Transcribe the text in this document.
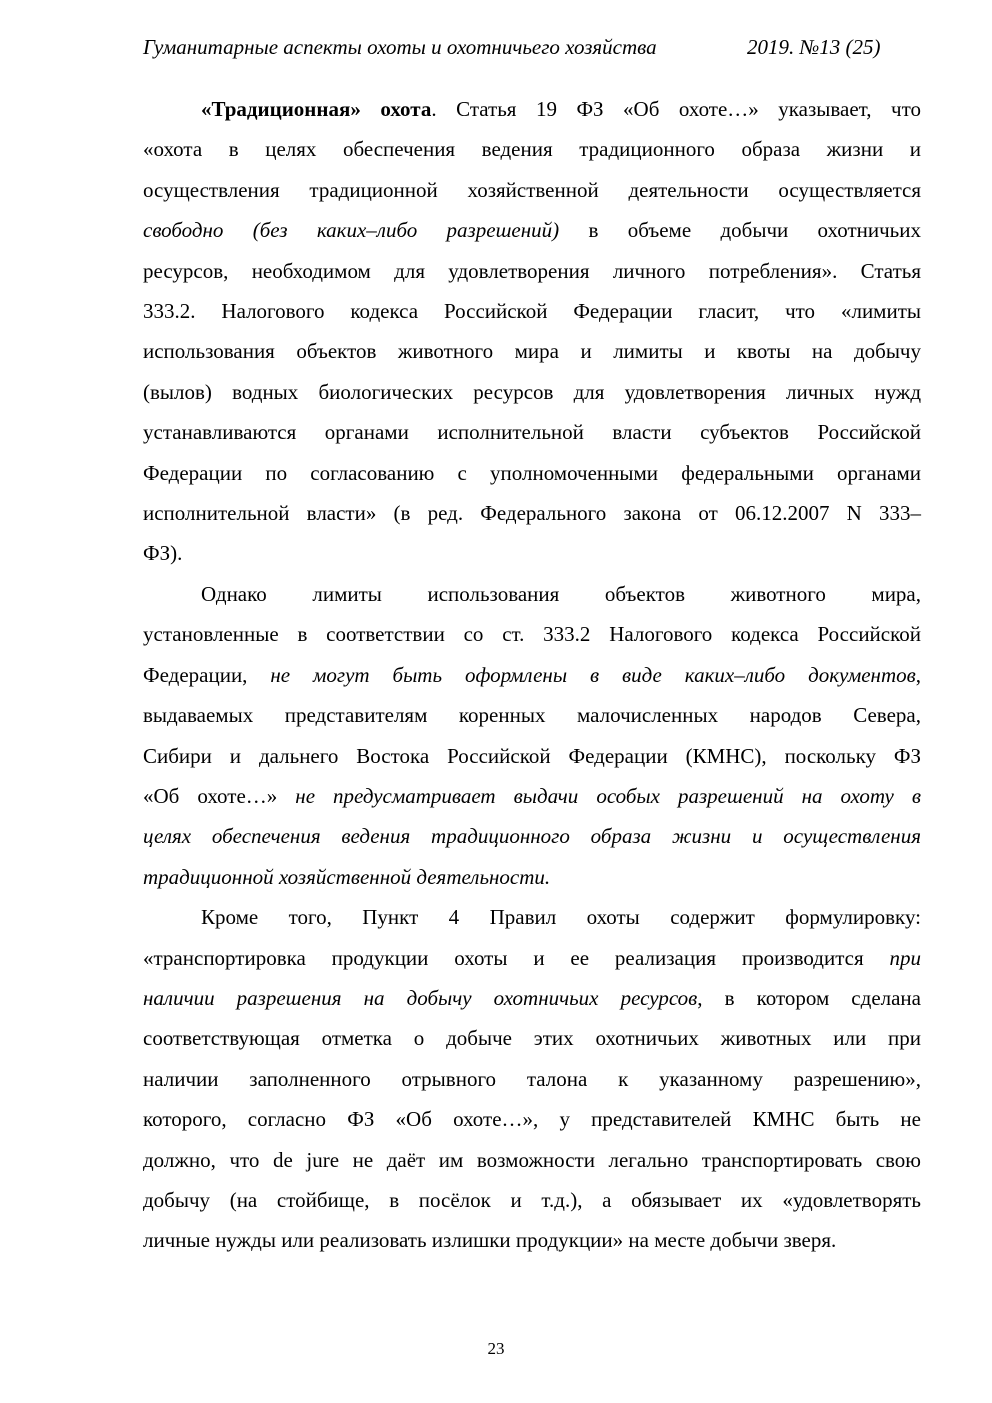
Гуманитарные аспекты охоты и охотничьего хозяйства	2019. №13 (25)
«Традиционная» охота. Статья 19 ФЗ «Об охоте…» указывает, что
«охота в целях обеспечения ведения традиционного образа жизни и
осуществления традиционной хозяйственной деятельности осуществляется
свободно (без каких–либо разрешений) в объеме добычи охотничьих
ресурсов, необходимом для удовлетворения личного потребления». Статья
333.2. Налогового кодекса Российской Федерации гласит, что «лимиты
использования объектов животного мира и лимиты и квоты на добычу
(вылов) водных биологических ресурсов для удовлетворения личных нужд
устанавливаются органами исполнительной власти субъектов Российской
Федерации по согласованию с уполномоченными федеральными органами
исполнительной власти» (в ред. Федерального закона от 06.12.2007 N 333–
ФЗ).
Однако лимиты использования объектов животного мира,
установленные в соответствии со ст. 333.2 Налогового кодекса Российской
Федерации, не могут быть оформлены в виде каких–либо документов,
выдаваемых представителям коренных малочисленных народов Севера,
Сибири и дальнего Востока Российской Федерации (КМНС), поскольку ФЗ
«Об охоте…» не предусматривает выдачи особых разрешений на охоту в
целях обеспечения ведения традиционного образа жизни и осуществления
традиционной хозяйственной деятельности.
Кроме того, Пункт 4 Правил охоты содержит формулировку:
«транспортировка продукции охоты и ее реализация производится при
наличии разрешения на добычу охотничьих ресурсов, в котором сделана
соответствующая отметка о добыче этих охотничьих животных или при
наличии заполненного отрывного талона к указанному разрешению»,
которого, согласно ФЗ «Об охоте…», у представителей КМНС быть не
должно, что de jure не даёт им возможности легально транспортировать свою
добычу (на стойбище, в посёлок и т.д.), а обязывает их «удовлетворять
личные нужды или реализовать излишки продукции» на месте добычи зверя.
23
